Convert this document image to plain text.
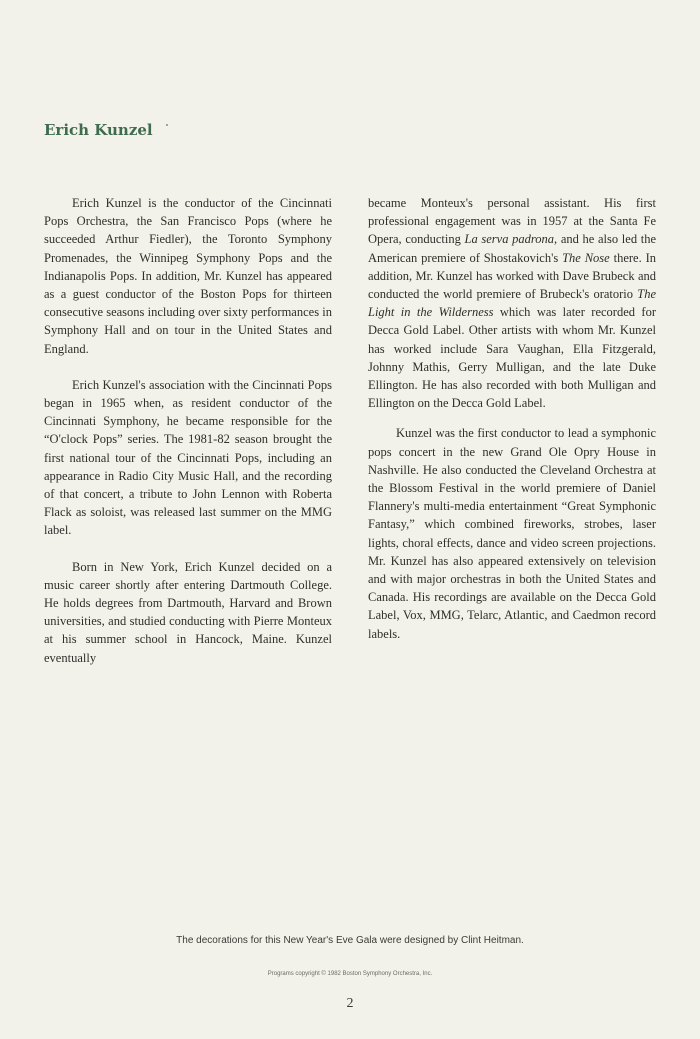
Erich Kunzel

Erich Kunzel is the conductor of the Cincinnati Pops Orchestra, the San Francisco Pops (where he succeeded Arthur Fiedler), the Toronto Symphony Promenades, the Winnipeg Symphony Pops and the Indianapolis Pops. In addition, Mr. Kunzel has appeared as a guest conductor of the Boston Pops for thirteen consecutive seasons including over sixty performances in Symphony Hall and on tour in the United States and England.

Erich Kunzel's association with the Cincinnati Pops began in 1965 when, as resident conductor of the Cincinnati Symphony, he became responsible for the “O'clock Pops” series. The 1981-82 season brought the first national tour of the Cincinnati Pops, including an appearance in Radio City Music Hall, and the recording of that concert, a tribute to John Lennon with Roberta Flack as soloist, was released last summer on the MMG label.

Born in New York, Erich Kunzel decided on a music career shortly after entering Dartmouth College. He holds degrees from Dartmouth, Harvard and Brown universities, and studied conducting with Pierre Monteux at his summer school in Hancock, Maine. Kunzel eventually

became Monteux's personal assistant. His first professional engagement was in 1957 at the Santa Fe Opera, conducting La serva padrona, and he also led the American premiere of Shostakovich's The Nose there. In addition, Mr. Kunzel has worked with Dave Brubeck and conducted the world premiere of Brubeck's oratorio The Light in the Wilderness which was later recorded for Decca Gold Label. Other artists with whom Mr. Kunzel has worked include Sara Vaughan, Ella Fitzgerald, Johnny Mathis, Gerry Mulligan, and the late Duke Ellington. He has also recorded with both Mulligan and Ellington on the Decca Gold Label.

Kunzel was the first conductor to lead a symphonic pops concert in the new Grand Ole Opry House in Nashville. He also conducted the Cleveland Orchestra at the Blossom Festival in the world premiere of Daniel Flannery's multi-media entertainment “Great Symphonic Fantasy,” which combined fireworks, strobes, laser lights, choral effects, dance and video screen projections. Mr. Kunzel has also appeared extensively on television and with major orchestras in both the United States and Canada. His recordings are available on the Decca Gold Label, Vox, MMG, Telarc, Atlantic, and Caedmon record labels.

The decorations for this New Year's Eve Gala were designed by Clint Heitman.
Programs copyright © 1982 Boston Symphony Orchestra, Inc.
2
